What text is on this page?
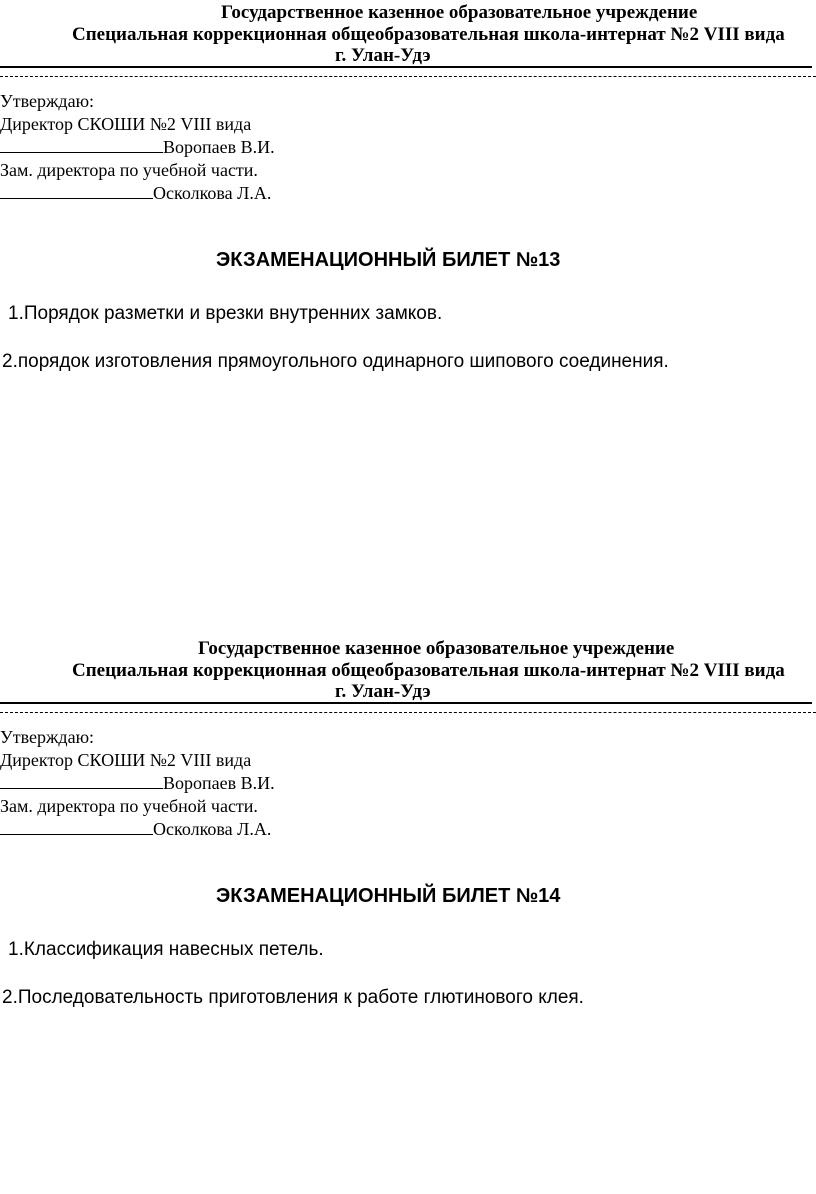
Государственное казенное образовательное учреждение
Специальная коррекционная общеобразовательная школа-интернат №2 VIII вида
г. Улан-Удэ
Утверждаю:
Директор СКОШИ №2 VIII вида
Воропаев В.И.
Зам. директора по учебной части.
Осколкова Л.А.
ЭКЗАМЕНАЦИОННЫЙ БИЛЕТ №13
1.Порядок разметки и врезки внутренних замков.
2.порядок изготовления прямоугольного одинарного шипового соединения.
Государственное казенное образовательное учреждение
Специальная коррекционная общеобразовательная школа-интернат №2 VIII вида
г. Улан-Удэ
Утверждаю:
Директор СКОШИ №2 VIII вида
Воропаев В.И.
Зам. директора по учебной части.
Осколкова Л.А.
ЭКЗАМЕНАЦИОННЫЙ БИЛЕТ №14
1.Классификация навесных петель.
2.Последовательность приготовления к работе глютинового клея.
